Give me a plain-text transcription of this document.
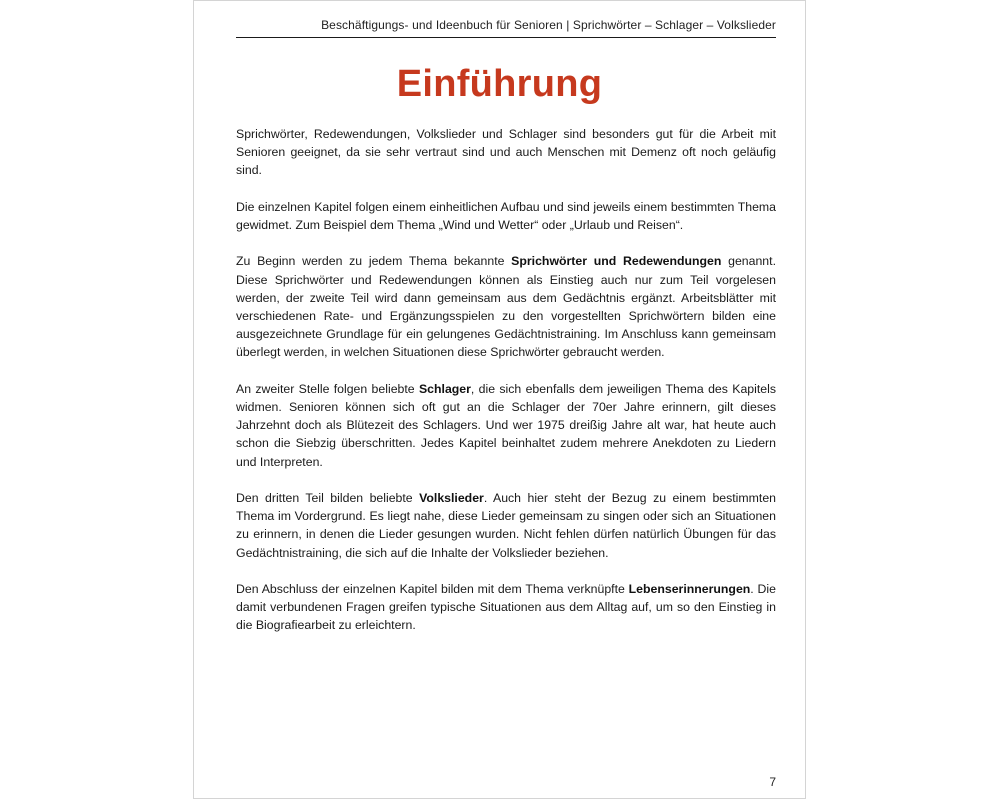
Beschäftigungs- und Ideenbuch für Senioren | Sprichwörter – Schlager – Volkslieder
Einführung

Sprichwörter, Redewendungen, Volkslieder und Schlager sind besonders gut für die Arbeit mit Senioren geeignet, da sie sehr vertraut sind und auch Menschen mit Demenz oft noch geläufig sind.

Die einzelnen Kapitel folgen einem einheitlichen Aufbau und sind jeweils einem bestimmten Thema gewidmet. Zum Beispiel dem Thema „Wind und Wetter“ oder „Urlaub und Reisen“.

Zu Beginn werden zu jedem Thema bekannte Sprichwörter und Redewendungen genannt. Diese Sprichwörter und Redewendungen können als Einstieg auch nur zum Teil vorgelesen werden, der zweite Teil wird dann gemeinsam aus dem Gedächtnis ergänzt. Arbeitsblätter mit verschiedenen Rate- und Ergänzungsspielen zu den vorgestellten Sprichwörtern bilden eine ausgezeichnete Grundlage für ein gelungenes Gedächtnistraining. Im Anschluss kann gemeinsam überlegt werden, in welchen Situationen diese Sprichwörter gebraucht werden.

An zweiter Stelle folgen beliebte Schlager, die sich ebenfalls dem jeweiligen Thema des Kapitels widmen. Senioren können sich oft gut an die Schlager der 70er Jahre erinnern, gilt dieses Jahrzehnt doch als Blütezeit des Schlagers. Und wer 1975 dreißig Jahre alt war, hat heute auch schon die Siebzig überschritten. Jedes Kapitel beinhaltet zudem mehrere Anekdoten zu Liedern und Interpreten.

Den dritten Teil bilden beliebte Volkslieder. Auch hier steht der Bezug zu einem bestimmten Thema im Vordergrund. Es liegt nahe, diese Lieder gemeinsam zu singen oder sich an Situationen zu erinnern, in denen die Lieder gesungen wurden. Nicht fehlen dürfen natürlich Übungen für das Gedächtnistraining, die sich auf die Inhalte der Volkslieder beziehen.

Den Abschluss der einzelnen Kapitel bilden mit dem Thema verknüpfte Lebenserinnerungen. Die damit verbundenen Fragen greifen typische Situationen aus dem Alltag auf, um so den Einstieg in die Biografiearbeit zu erleichtern.

7
